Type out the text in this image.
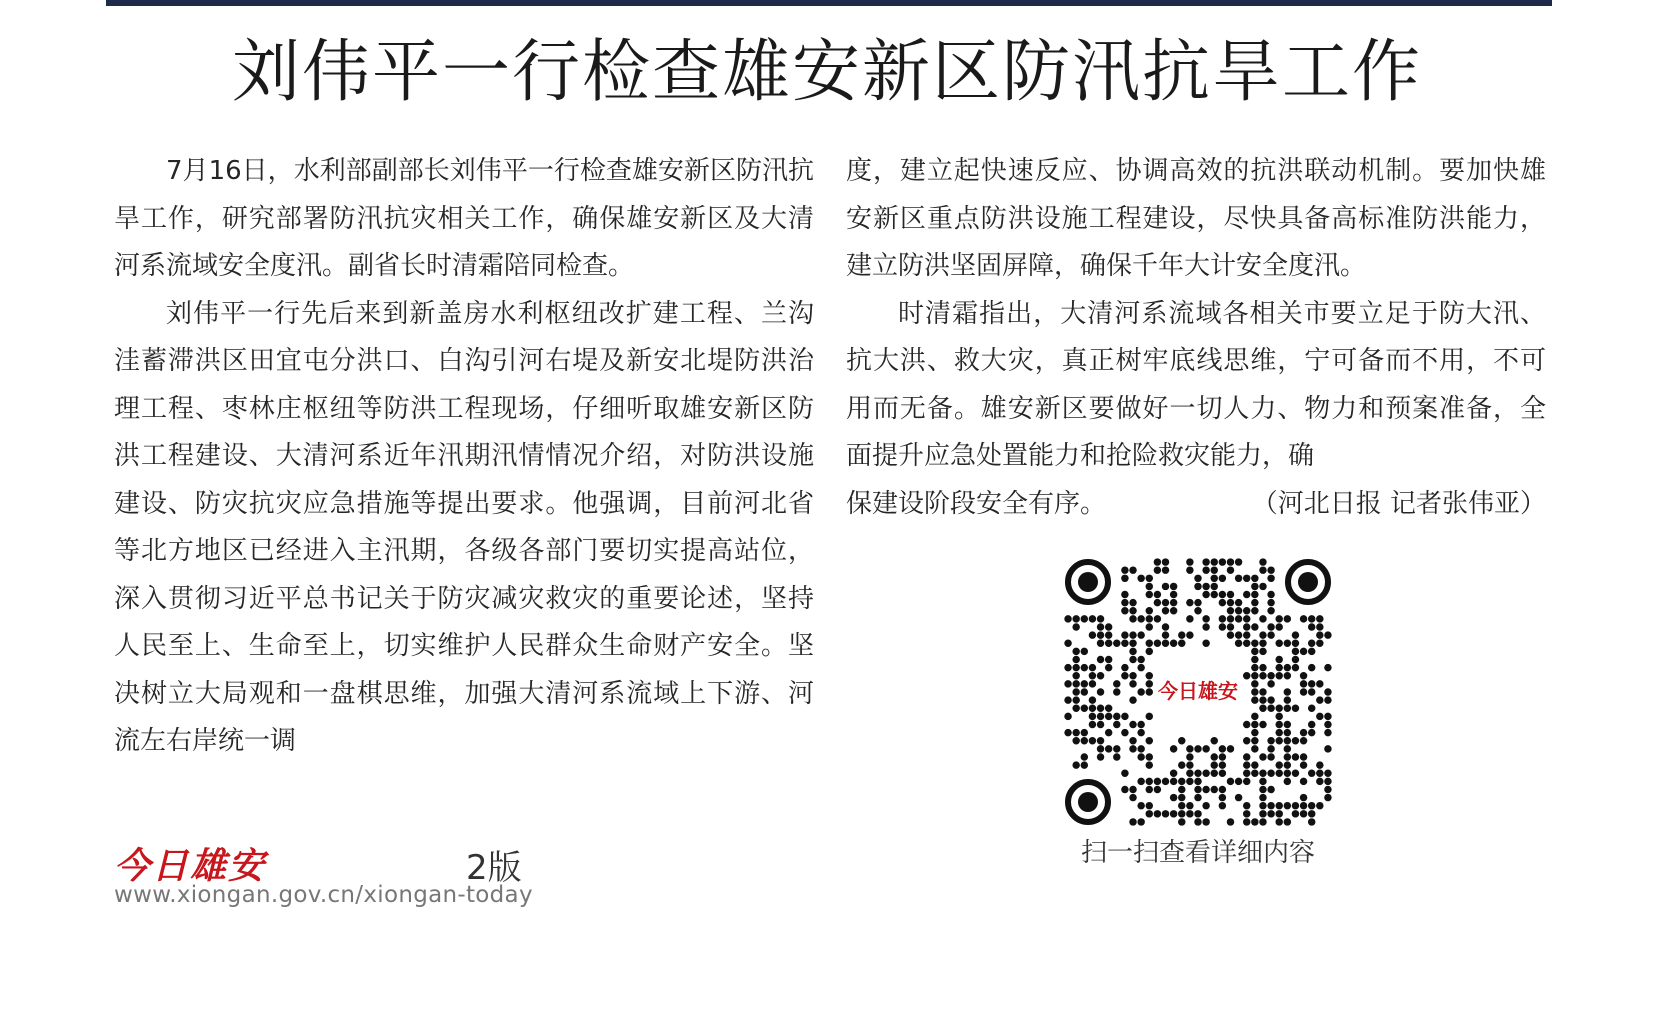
刘伟平一行检查雄安新区防汛抗旱工作

7月16日，水利部副部长刘伟平一行检查雄安新区防汛抗旱工作，研究部署防汛抗灾相关工作，确保雄安新区及大清河系流域安全度汛。副省长时清霜陪同检查。

刘伟平一行先后来到新盖房水利枢纽改扩建工程、兰沟洼蓄滞洪区田宜屯分洪口、白沟引河右堤及新安北堤防洪治理工程、枣林庄枢纽等防洪工程现场，仔细听取雄安新区防洪工程建设、大清河系近年汛期汛情情况介绍，对防洪设施建设、防灾抗灾应急措施等提出要求。他强调，目前河北省等北方地区已经进入主汛期，各级各部门要切实提高站位，深入贯彻习近平总书记关于防灾减灾救灾的重要论述，坚持人民至上、生命至上，切实维护人民群众生命财产安全。坚决树立大局观和一盘棋思维，加强大清河系流域上下游、河流左右岸统一调

度，建立起快速反应、协调高效的抗洪联动机制。要加快雄安新区重点防洪设施工程建设，尽快具备高标准防洪能力，建立防洪坚固屏障，确保千年大计安全度汛。

时清霜指出，大清河系流域各相关市要立足于防大汛、抗大洪、救大灾，真正树牢底线思维，宁可备而不用，不可用而无备。雄安新区要做好一切人力、物力和预案准备，全面提升应急处置能力和抢险救灾能力，确

保建设阶段安全有序。	（河北日报 记者张伟亚）

今日雄安
扫一扫查看详细内容
今日雄安	2版
www.xiongan.gov.cn/xiongan-today
